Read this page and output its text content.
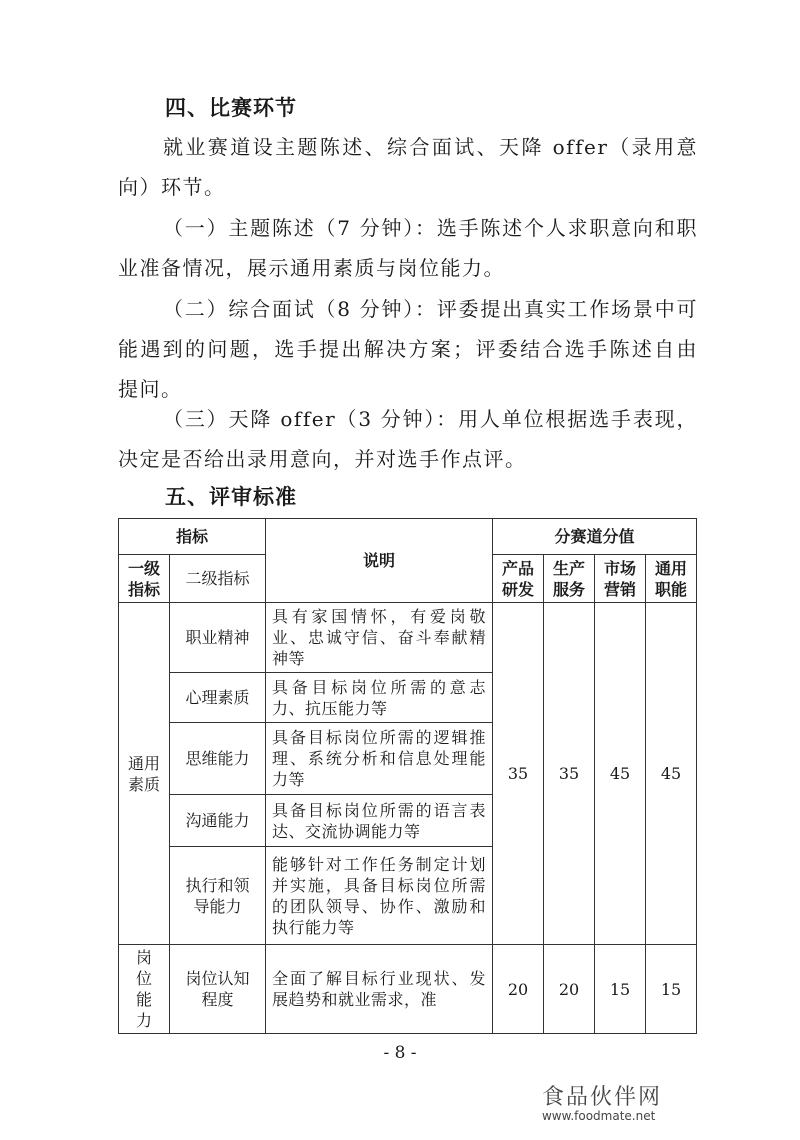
四、比赛环节
就业赛道设主题陈述、综合面试、天降 offer（录用意向）环节。
（一）主题陈述（7 分钟）：选手陈述个人求职意向和职业准备情况，展示通用素质与岗位能力。
（二）综合面试（8 分钟）：评委提出真实工作场景中可能遇到的问题，选手提出解决方案；评委结合选手陈述自由提问。
（三）天降 offer（3 分钟）：用人单位根据选手表现，决定是否给出录用意向，并对选手作点评。
五、评审标准
指标		说明	分赛道分值			
一级指标	二级指标		产品研发	生产服务	市场营销	通用职能
通用素质	职业精神	具有家国情怀，有爱岗敬业、忠诚守信、奋斗奉献精神等	35	35	45	45
	心理素质	具备目标岗位所需的意志力、抗压能力等				
	思维能力	具备目标岗位所需的逻辑推理、系统分析和信息处理能力等				
	沟通能力	具备目标岗位所需的语言表达、交流协调能力等				
	执行和领导能力	能够针对工作任务制定计划并实施，具备目标岗位所需的团队领导、协作、激励和执行能力等				
岗位能力	岗位认知程度	全面了解目标行业现状、发展趋势和就业需求，准	20	20	15	15
- 8 -
食品伙伴网
www.foodmate.net
